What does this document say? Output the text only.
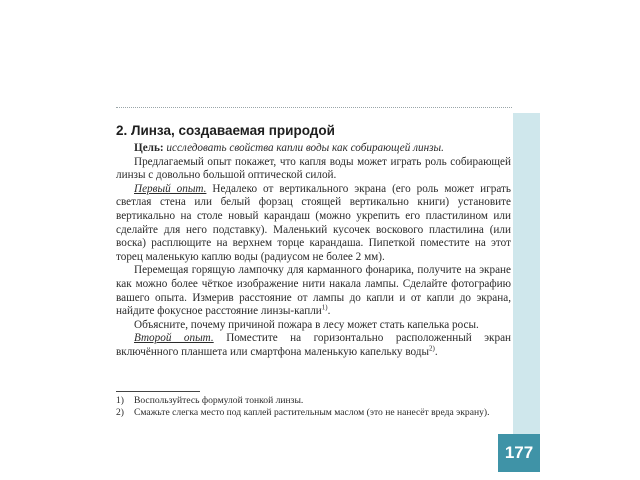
2. Линза, создаваемая природой

Цель: исследовать свойства капли воды как собирающей линзы.

Предлагаемый опыт покажет, что капля воды может играть роль собирающей линзы с довольно большой оптической силой.

Первый опыт. Недалеко от вертикального экрана (его роль может играть светлая стена или белый форзац стоящей вертикально книги) установите вертикально на столе новый карандаш (можно укрепить его пластилином или сделайте для него подставку). Маленький кусочек воскового пластилина (или воска) расплющите на верхнем торце карандаша. Пипеткой поместите на этот торец маленькую каплю воды (радиусом не более 2 мм).

Перемещая горящую лампочку для карманного фонарика, получите на экране как можно более чёткое изображение нити накала лампы. Сделайте фотографию вашего опыта. Измерив расстояние от лампы до капли и от капли до экрана, найдите фокусное расстояние линзы-капли$^{1)}$.

Объясните, почему причиной пожара в лесу может стать капелька росы.

Второй опыт. Поместите на горизонтально расположенный экран включённого планшета или смартфона маленькую капельку воды$^{2)}$.

1) Воспользуйтесь формулой тонкой линзы.
2) Смажьте слегка место под каплей растительным маслом (это не нанесёт вреда экрану).
177
